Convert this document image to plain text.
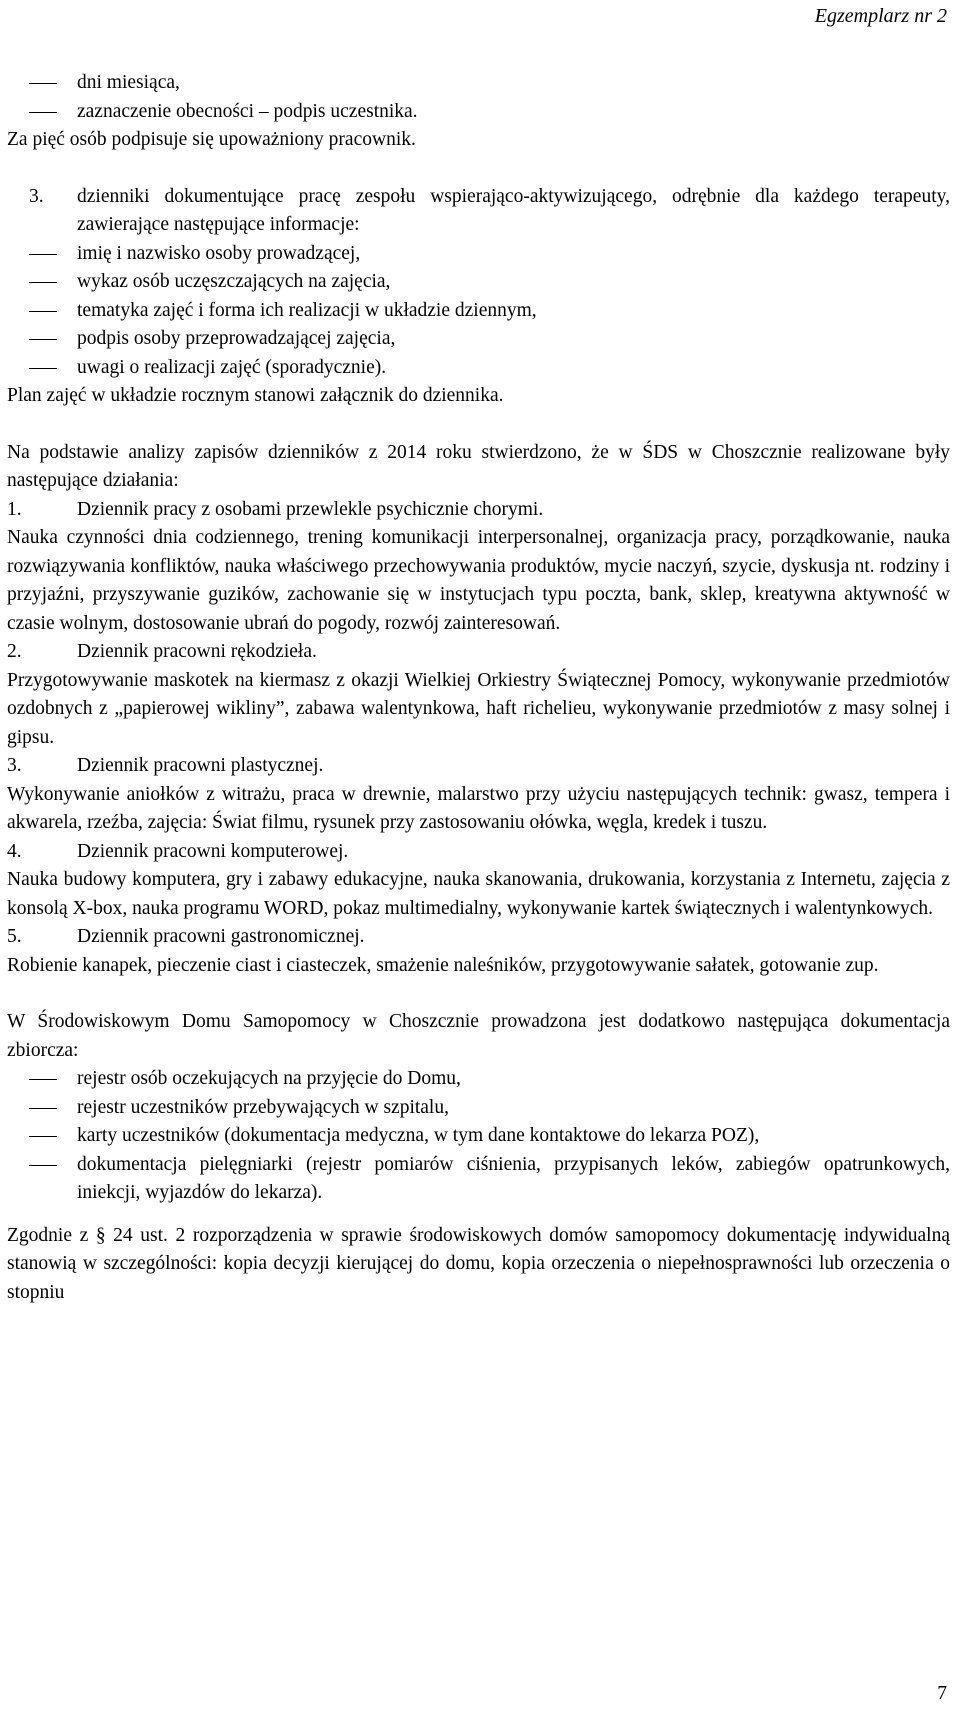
Egzemplarz nr 2

dni miesiąca,

zaznaczenie obecności – podpis uczestnika.

Za pięć osób podpisuje się upoważniony pracownik.

3.	dzienniki dokumentujące pracę zespołu wspierająco-aktywizującego, odrębnie dla każdego terapeuty, zawierające następujące informacje:

imię i nazwisko osoby prowadzącej,

wykaz osób uczęszczających na zajęcia,

tematyka zajęć i forma ich realizacji w układzie dziennym,

podpis osoby przeprowadzającej zajęcia,

uwagi o realizacji zajęć (sporadycznie).

Plan zajęć w układzie rocznym stanowi załącznik do dziennika.

Na podstawie analizy zapisów dzienników z 2014 roku stwierdzono, że w ŚDS w Choszcznie realizowane były następujące działania:

1.	Dziennik pracy z osobami przewlekle psychicznie chorymi.

Nauka czynności dnia codziennego, trening komunikacji interpersonalnej, organizacja pracy, porządkowanie, nauka rozwiązywania konfliktów, nauka właściwego przechowywania produktów, mycie naczyń, szycie, dyskusja nt. rodziny i przyjaźni, przyszywanie guzików, zachowanie się w instytucjach typu poczta, bank, sklep, kreatywna aktywność w czasie wolnym, dostosowanie ubrań do pogody, rozwój zainteresowań.

2.	Dziennik pracowni rękodzieła.

Przygotowywanie maskotek na kiermasz z okazji Wielkiej Orkiestry Świątecznej Pomocy, wykonywanie przedmiotów ozdobnych z „papierowej wikliny”, zabawa walentynkowa, haft richelieu, wykonywanie przedmiotów z masy solnej i gipsu.

3.	Dziennik pracowni plastycznej.

Wykonywanie aniołków z witrażu, praca w drewnie, malarstwo przy użyciu następujących technik: gwasz, tempera i akwarela, rzeźba, zajęcia: Świat filmu, rysunek przy zastosowaniu ołówka, węgla, kredek i tuszu.

4.	Dziennik pracowni komputerowej.

Nauka budowy komputera, gry i zabawy edukacyjne, nauka skanowania, drukowania, korzystania z Internetu, zajęcia z konsolą X-box, nauka programu WORD, pokaz multimedialny, wykonywanie kartek świątecznych i walentynkowych.

5.	Dziennik pracowni gastronomicznej.

Robienie kanapek, pieczenie ciast i ciasteczek, smażenie naleśników, przygotowywanie sałatek, gotowanie zup.

W Środowiskowym Domu Samopomocy w Choszcznie prowadzona jest dodatkowo następująca dokumentacja zbiorcza:

rejestr osób oczekujących na przyjęcie do Domu,

rejestr uczestników przebywających w szpitalu,

karty uczestników (dokumentacja medyczna, w tym dane kontaktowe do lekarza POZ),

dokumentacja pielęgniarki (rejestr pomiarów ciśnienia, przypisanych leków, zabiegów opatrunkowych, iniekcji, wyjazdów do lekarza).

Zgodnie z § 24 ust. 2 rozporządzenia w sprawie środowiskowych domów samopomocy dokumentację indywidualną stanowią w szczególności: kopia decyzji kierującej do domu, kopia orzeczenia o niepełnosprawności lub orzeczenia o stopniu

7
